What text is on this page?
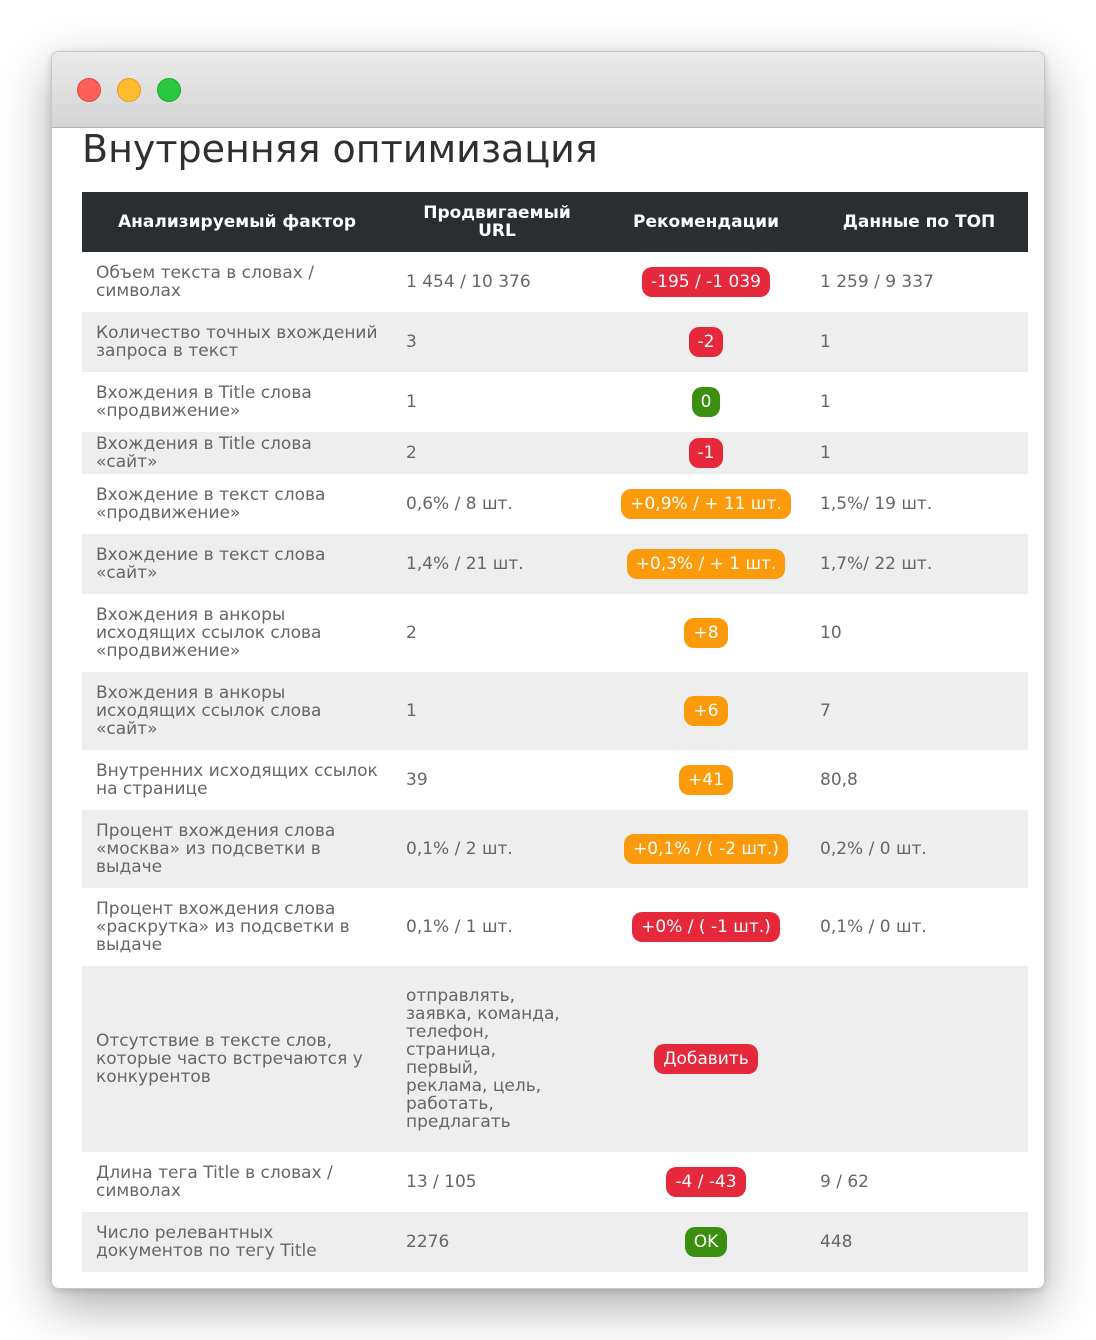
Внутренняя оптимизация
Анализируемый фактор	Продвигаемый URL	Рекомендации	Данные по ТОП
Объем текста в словах / символах	1 454 / 10 376	-195 / -1 039	1 259 / 9 337
Количество точных вхождений запроса в текст	3	-2	1
Вхождения в Title слова «продвижение»	1	0	1
Вхождения в Title слова «сайт»	2	-1	1
Вхождение в текст слова «продвижение»	0,6% / 8 шт.	+0,9% / + 11 шт.	1,5%/ 19 шт.
Вхождение в текст слова «сайт»	1,4% / 21 шт.	+0,3% / + 1 шт.	1,7%/ 22 шт.
Вхождения в анкоры исходящих ссылок слова «продвижение»	2	+8	10
Вхождения в анкоры исходящих ссылок слова «сайт»	1	+6	7
Внутренних исходящих ссылок на странице	39	+41	80,8
Процент вхождения слова «москва» из подсветки в выдаче	0,1% / 2 шт.	+0,1% / ( -2 шт.)	0,2% / 0 шт.
Процент вхождения слова «раскрутка» из подсветки в выдаче	0,1% / 1 шт.	+0% / ( -1 шт.)	0,1% / 0 шт.
Отсутствие в тексте слов, которые часто встречаются у конкурентов	отправлять, заявка, команда, телефон, страница, первый, реклама, цель, работать, предлагать	Добавить	
Длина тега Title в словах / символах	13 / 105	-4 / -43	9 / 62
Число релевантных документов по тегу Title	2276	OK	448
